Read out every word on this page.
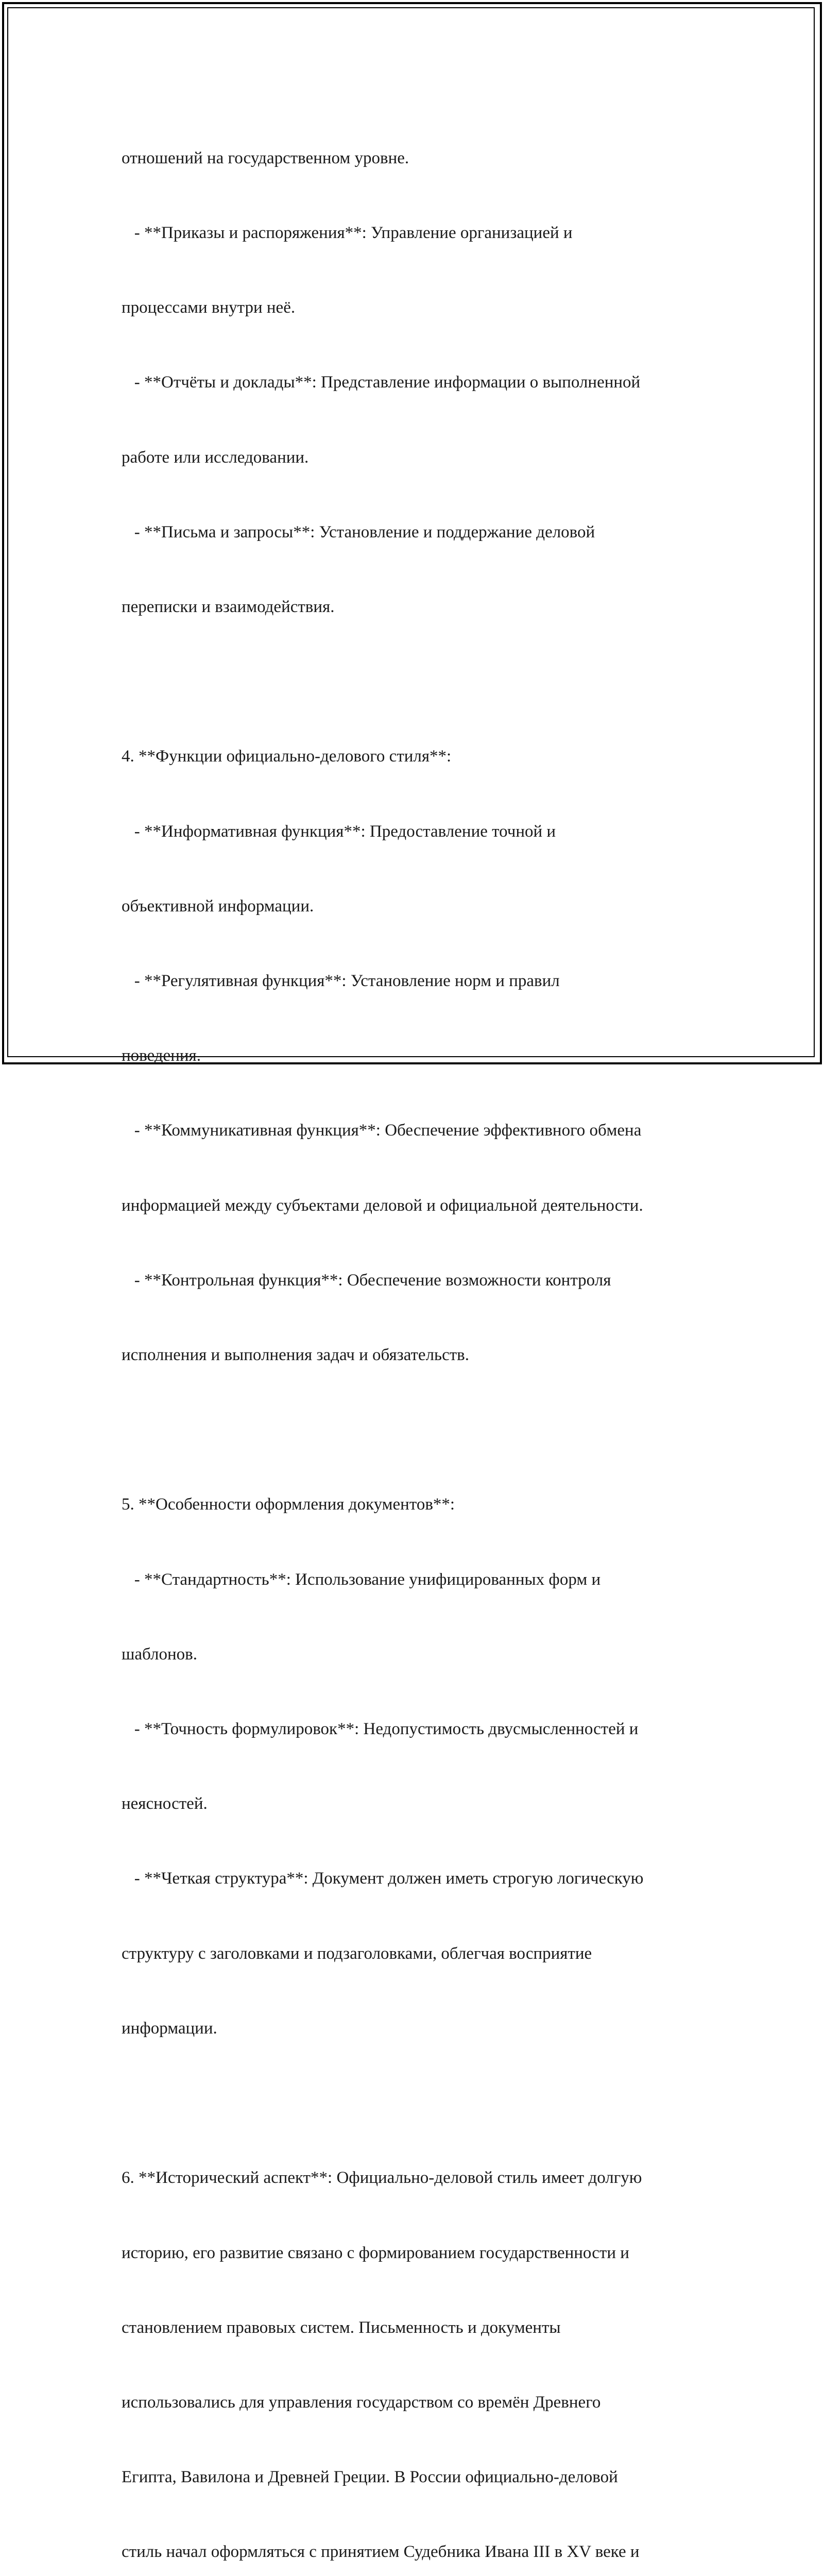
отношений на государственном уровне.

- **Приказы и распоряжения**: Управление организацией и

процессами внутри неё.

- **Отчёты и доклады**: Представление информации о выполненной

работе или исследовании.

- **Письма и запросы**: Установление и поддержание деловой

переписки и взаимодействия.

4. **Функции официально-делового стиля**:

- **Информативная функция**: Предоставление точной и

объективной информации.

- **Регулятивная функция**: Установление норм и правил

поведения.

- **Коммуникативная функция**: Обеспечение эффективного обмена

информацией между субъектами деловой и официальной деятельности.

- **Контрольная функция**: Обеспечение возможности контроля

исполнения и выполнения задач и обязательств.

5. **Особенности оформления документов**:

- **Стандартность**: Использование унифицированных форм и

шаблонов.

- **Точность формулировок**: Недопустимость двусмысленностей и

неясностей.

- **Четкая структура**: Документ должен иметь строгую логическую

структуру с заголовками и подзаголовками, облегчая восприятие

информации.

6. **Исторический аспект**: Официально-деловой стиль имеет долгую

историю, его развитие связано с формированием государственности и

становлением правовых систем. Письменность и документы

использовались для управления государством со времён Древнего

Египта, Вавилона и Древней Греции. В России официально-деловой

стиль начал оформляться с принятием Судебника Ивана III в XV веке и
